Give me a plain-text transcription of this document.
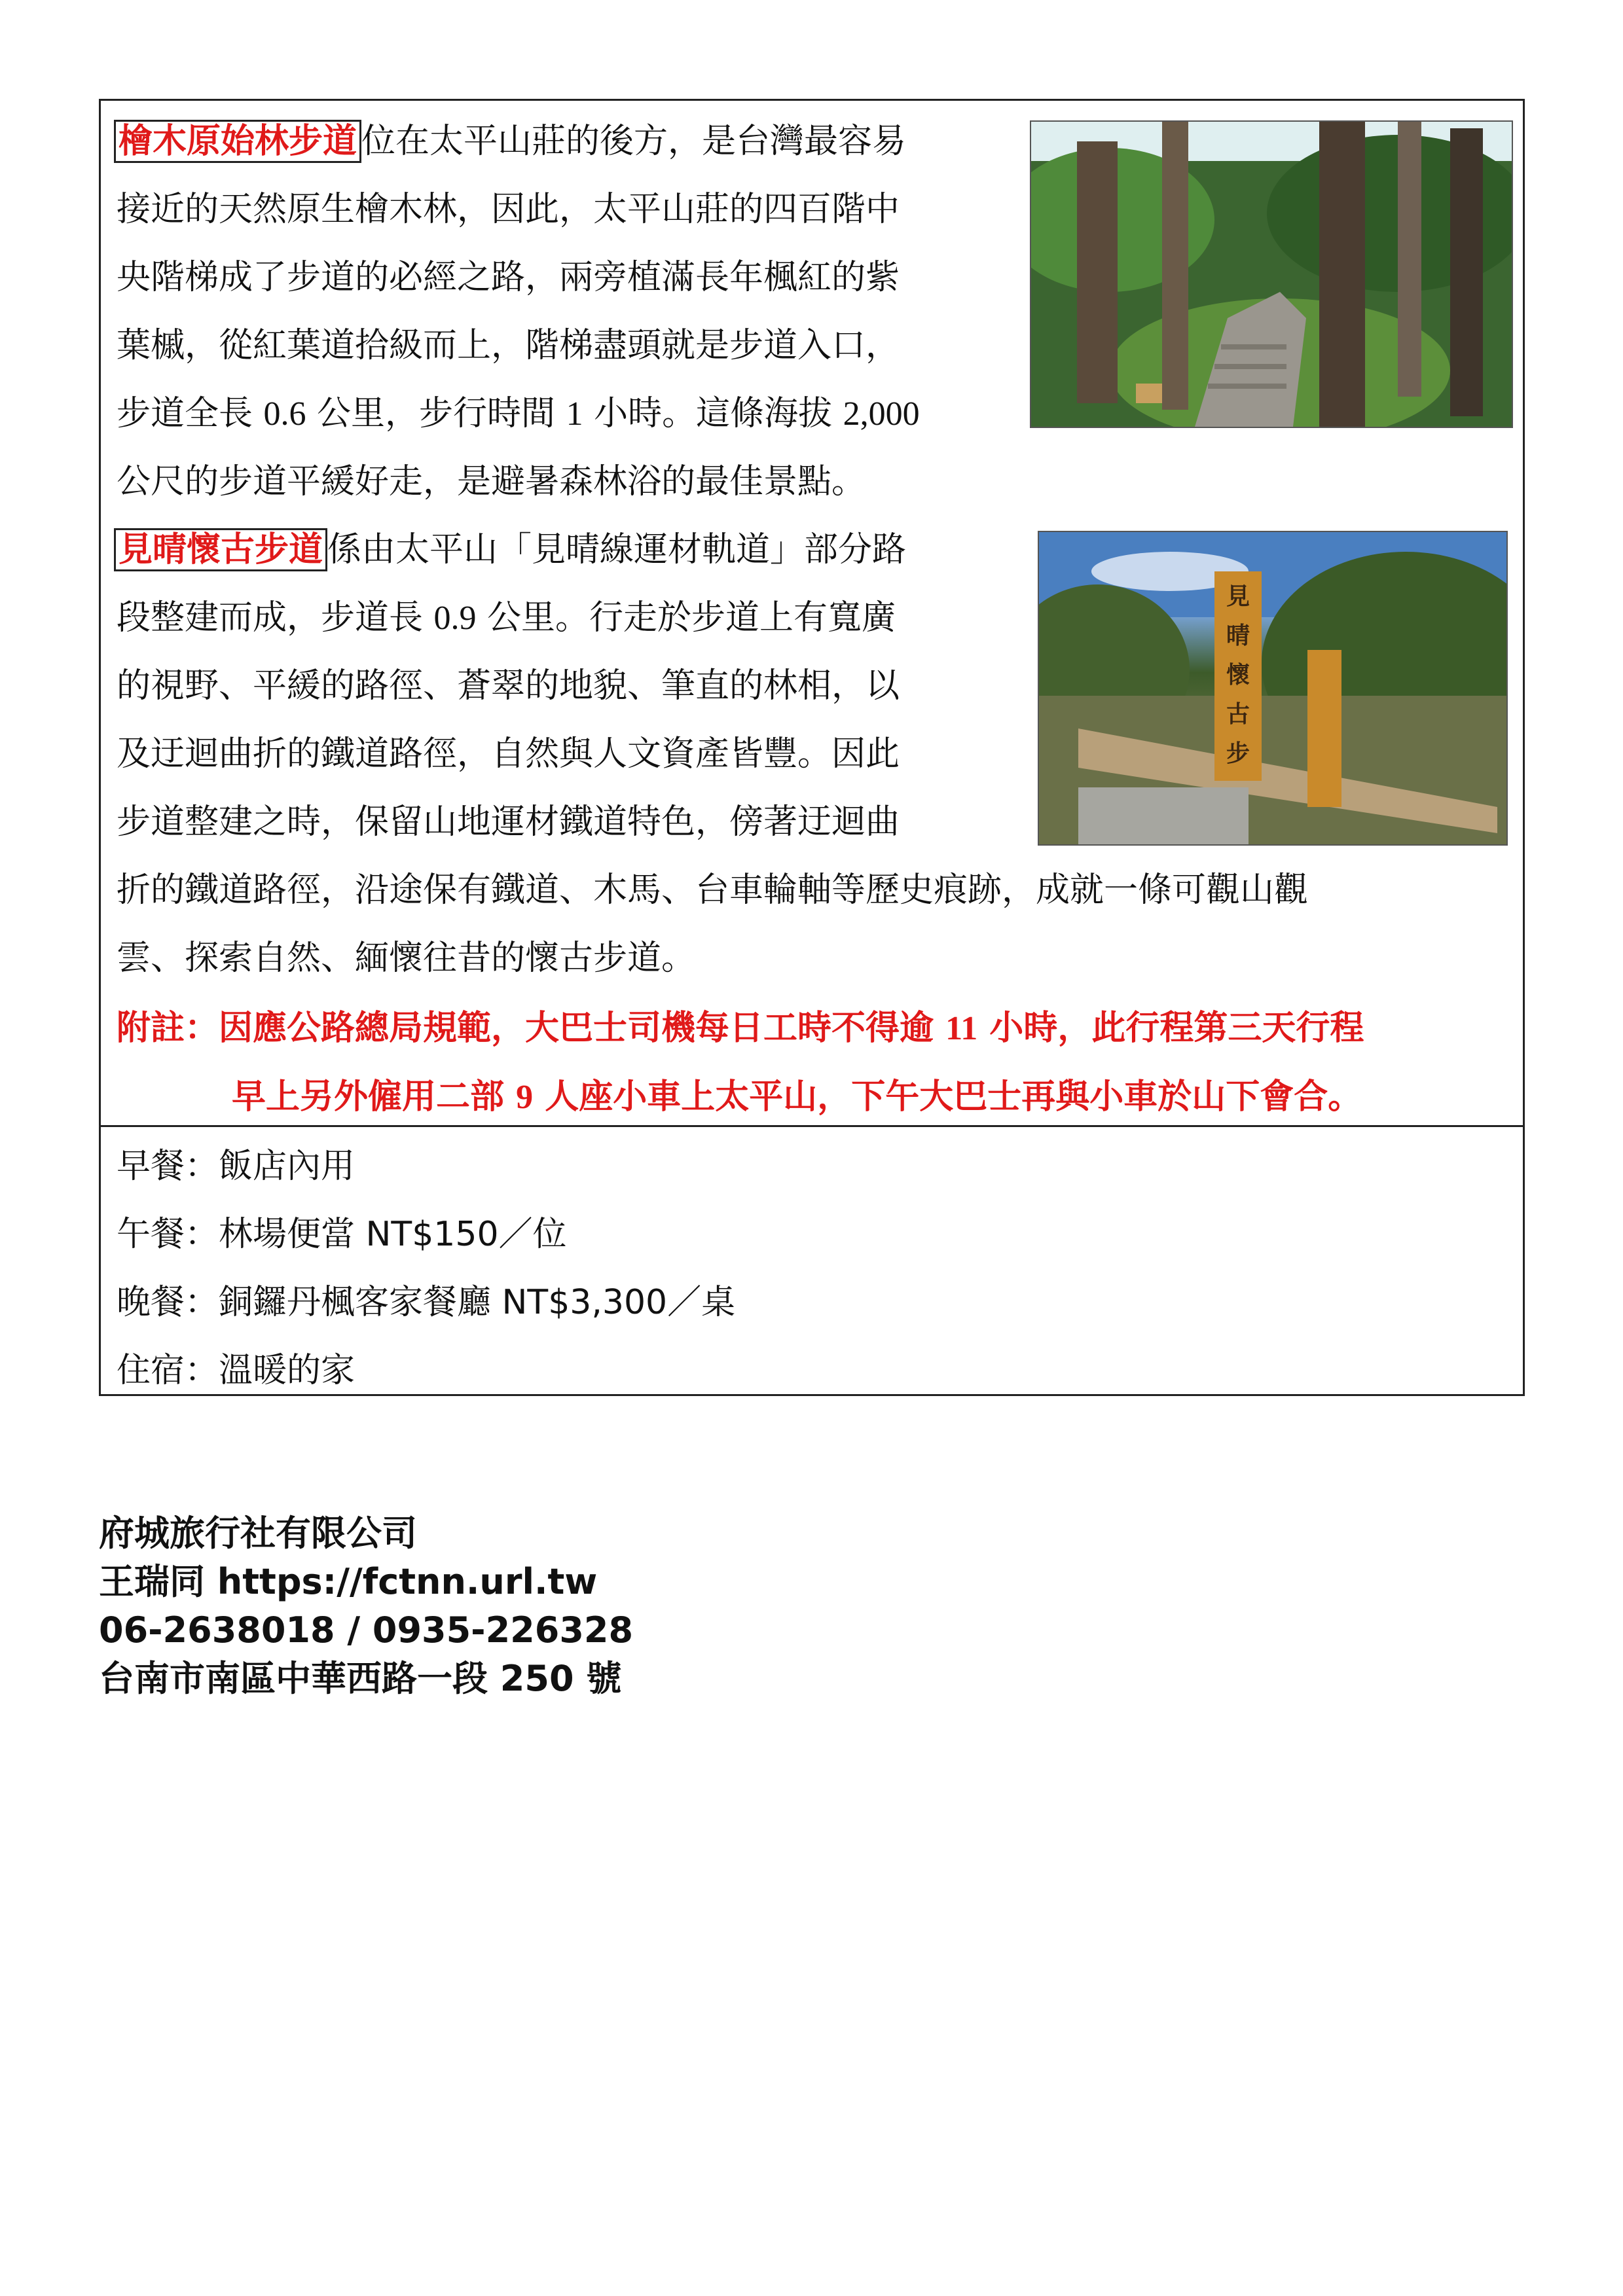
檜木原始林步道 位在太平山莊的後方，是台灣最容易
接近的天然原生檜木林，因此，太平山莊的四百階中
央階梯成了步道的必經之路，兩旁植滿長年楓紅的紫
葉槭，從紅葉道拾級而上，階梯盡頭就是步道入口，
步道全長 0.6 公里，步行時間 1 小時。這條海拔 2,000
公尺的步道平緩好走，是避暑森林浴的最佳景點。
見晴懷古步道 係由太平山「見晴線運材軌道」部分路
段整建而成，步道長 0.9 公里。行走於步道上有寬廣
的視野、平緩的路徑、蒼翠的地貌、筆直的林相，以
及迂迴曲折的鐵道路徑，自然與人文資產皆豐。因此
步道整建之時，保留山地運材鐵道特色，傍著迂迴曲
折的鐵道路徑，沿途保有鐵道、木馬、台車輪軸等歷史痕跡，成就一條可觀山觀
雲、探索自然、緬懷往昔的懷古步道。
見
晴
懷
古
步
附註：因應公路總局規範，大巴士司機每日工時不得逾 11 小時，此行程第三天行程
早上另外僱用二部 9 人座小車上太平山，下午大巴士再與小車於山下會合。
早餐：飯店內用
午餐：林場便當 NT$150／位
晚餐：銅鑼丹楓客家餐廳 NT$3,300／桌
住宿：溫暖的家
府城旅行社有限公司
王瑞同 https://fctnn.url.tw
06-2638018 / 0935-226328
台南市南區中華西路一段 250 號
